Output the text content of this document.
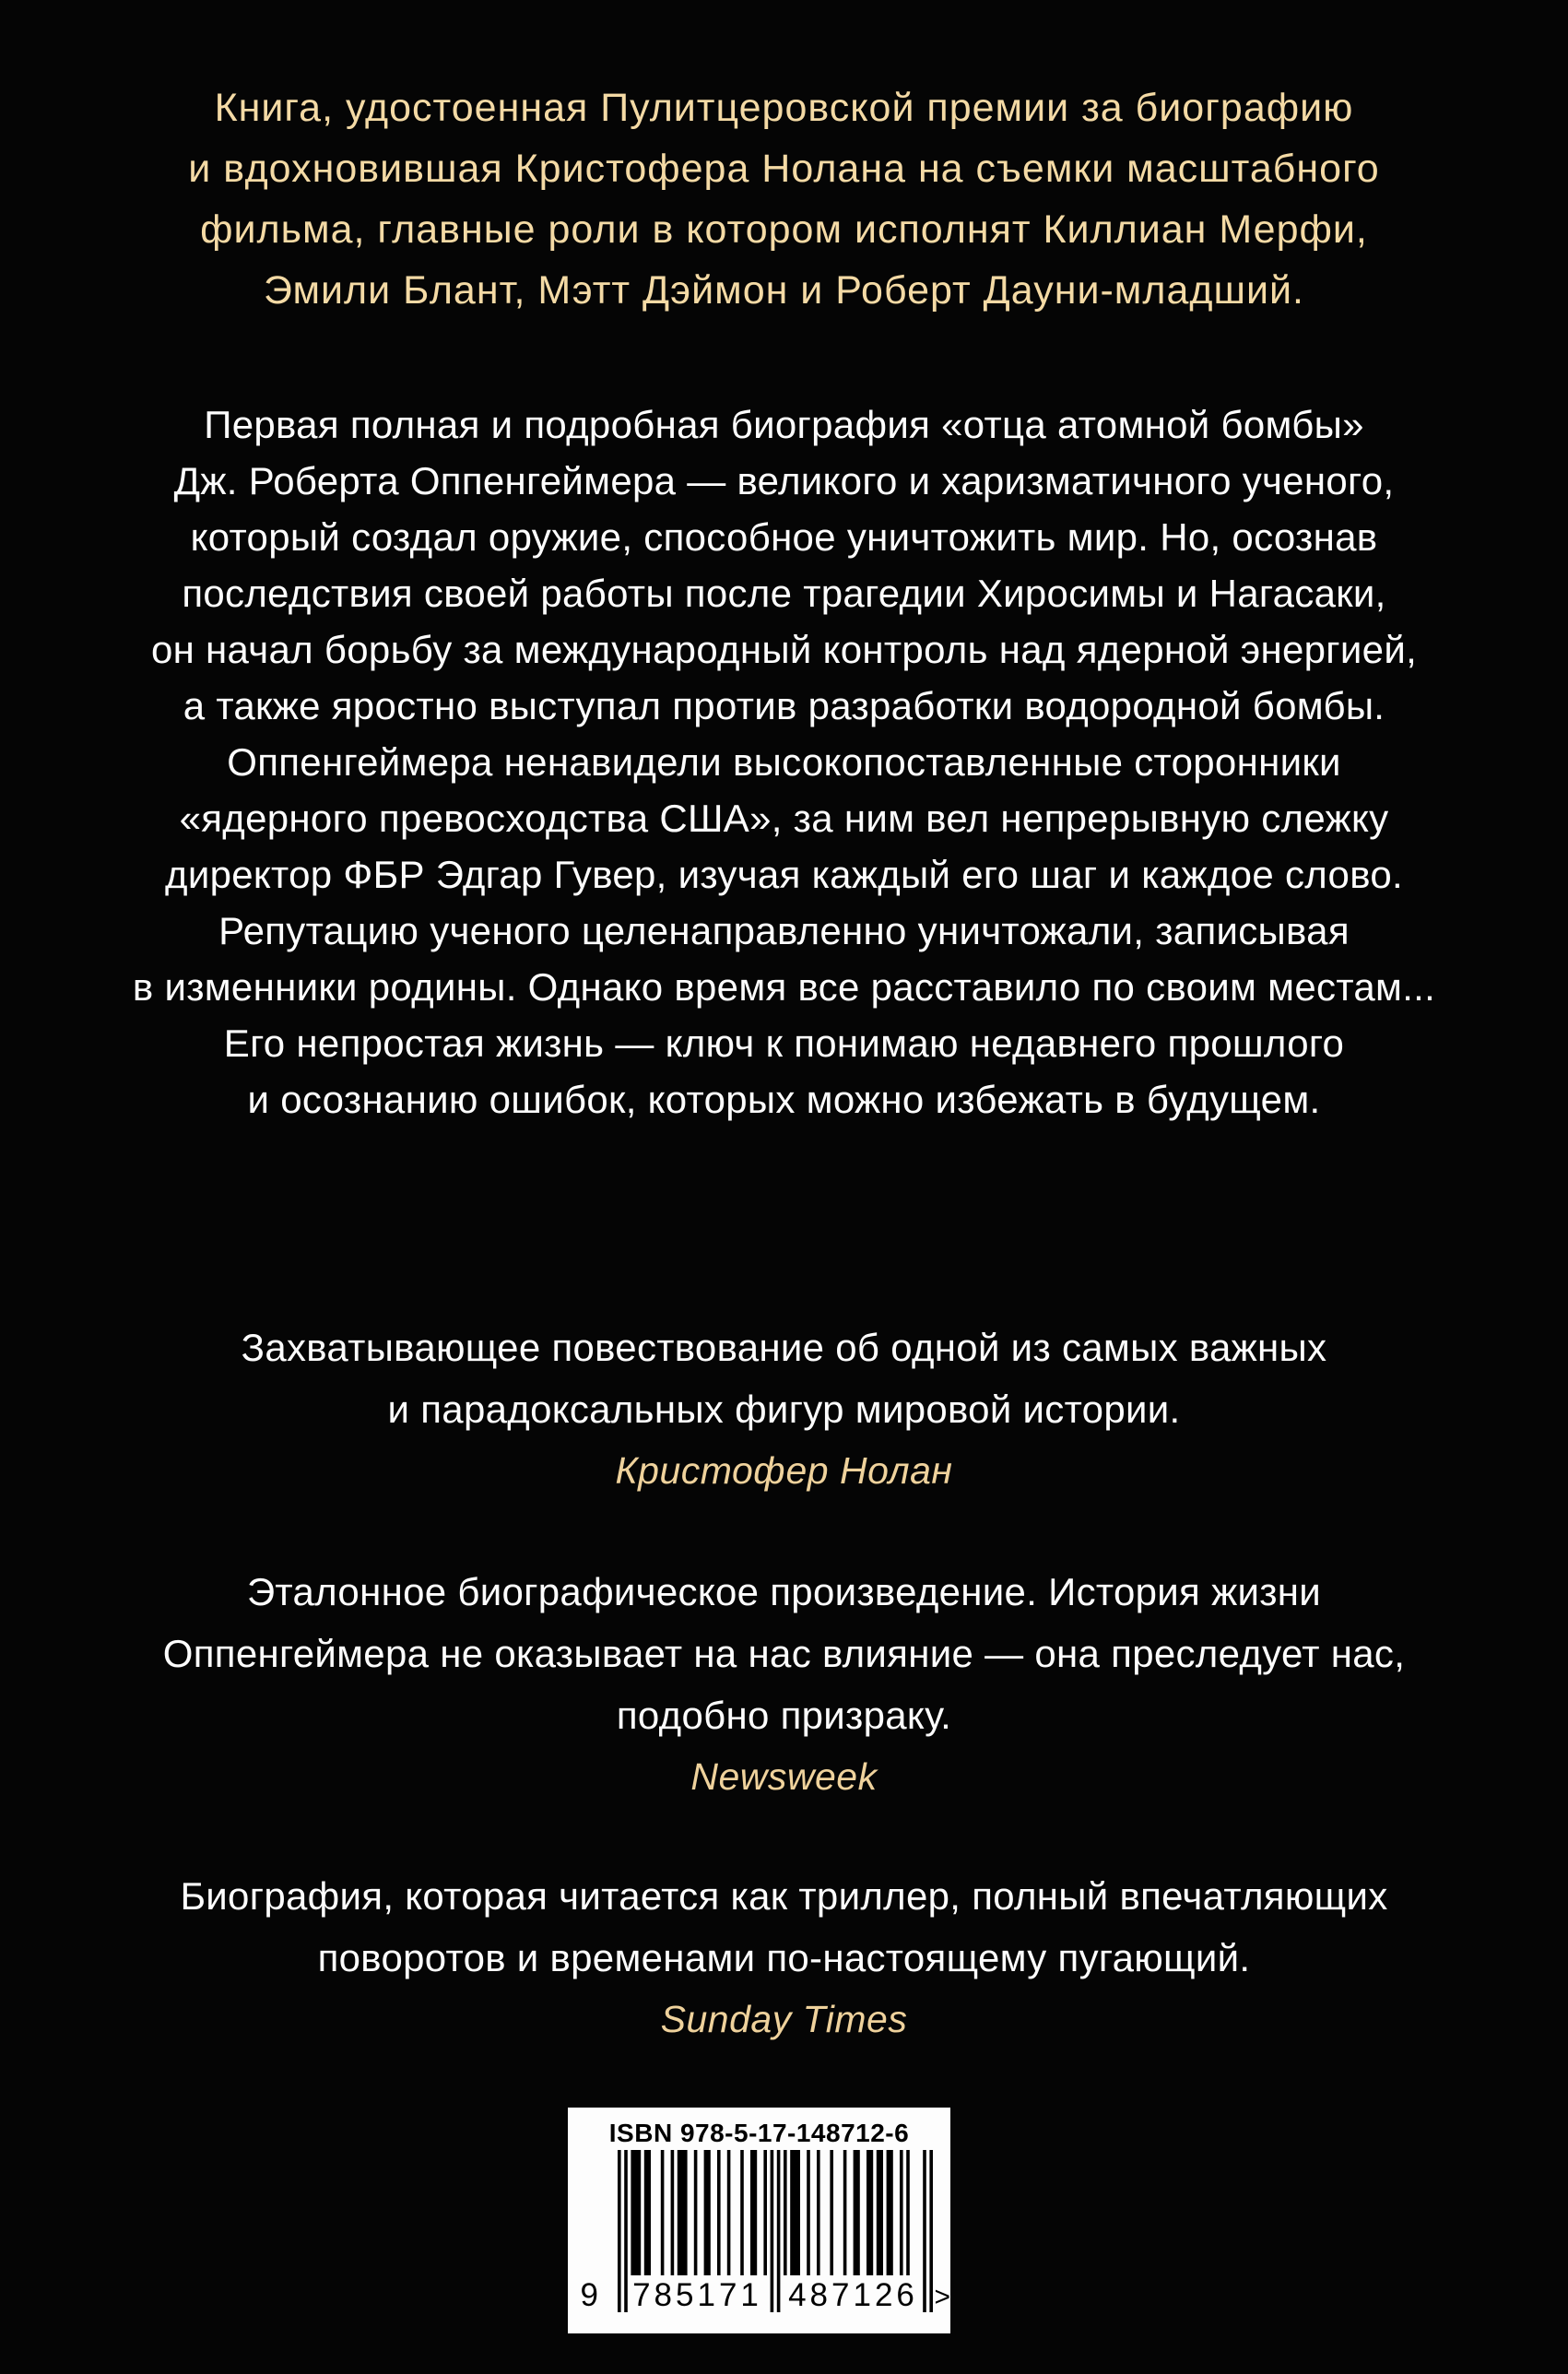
Книга, удостоенная Пулитцеровской премии за биографию
и вдохновившая Кристофера Нолана на съемки масштабного
фильма, главные роли в котором исполнят Киллиан Мерфи,
Эмили Блант, Мэтт Дэймон и Роберт Дауни-младший.
Первая полная и подробная биография «отца атомной бомбы»
Дж. Роберта Оппенгеймера — великого и харизматичного ученого,
который создал оружие, способное уничтожить мир. Но, осознав
последствия своей работы после трагедии Хиросимы и Нагасаки,
он начал борьбу за международный контроль над ядерной энергией,
а также яростно выступал против разработки водородной бомбы.
Оппенгеймера ненавидели высокопоставленные сторонники
«ядерного превосходства США», за ним вел непрерывную слежку
директор ФБР Эдгар Гувер, изучая каждый его шаг и каждое слово.
Репутацию ученого целенаправленно уничтожали, записывая
в изменники родины. Однако время все расставило по своим местам...
Его непростая жизнь — ключ к понимаю недавнего прошлого
и осознанию ошибок, которых можно избежать в будущем.
Захватывающее повествование об одной из самых важных
и парадоксальных фигур мировой истории.
Кристофер Нолан
Эталонное биографическое произведение. История жизни
Оппенгеймера не оказывает на нас влияние — она преследует нас,
подобно призраку.
Newsweek
Биография, которая читается как триллер, полный впечатляющих
поворотов и временами по-настоящему пугающий.
Sunday Times
ISBN 978-5-17-148712-6
9 785171 487126 >
